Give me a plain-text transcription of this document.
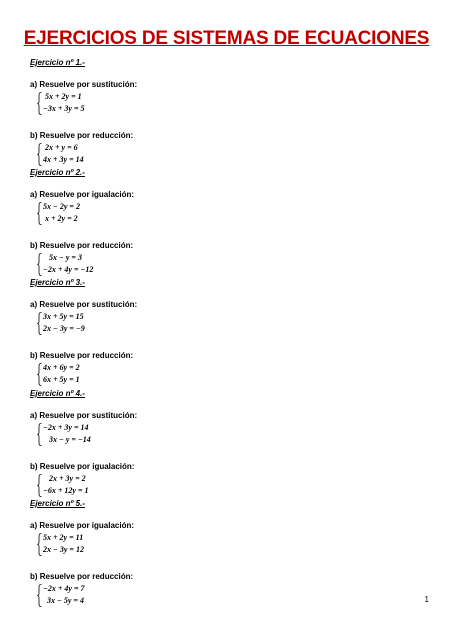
EJERCICIOS DE SISTEMAS DE ECUACIONES
Ejercicio nº 1.-
a) Resuelve por sustitución:
5x + 2y = 1
−3x + 3y = 5
b) Resuelve por reducción:
2x + y = 6
4x + 3y = 14
Ejercicio nº 2.-
a) Resuelve por igualación:
5x − 2y = 2
x + 2y = 2
b) Resuelve por reducción:
5x − y = 3
−2x + 4y = −12
Ejercicio nº 3.-
a) Resuelve por sustitución:
3x + 5y = 15
2x − 3y = −9
b) Resuelve por reducción:
4x + 6y = 2
6x + 5y = 1
Ejercicio nº 4.-
a) Resuelve por sustitución:
−2x + 3y = 14
3x − y = −14
b) Resuelve por igualación:
2x + 3y = 2
−6x + 12y = 1
Ejercicio nº 5.-
a) Resuelve por igualación:
5x + 2y = 11
2x − 3y = 12
b) Resuelve por reducción:
−2x + 4y = 7
3x − 5y = 4	1
